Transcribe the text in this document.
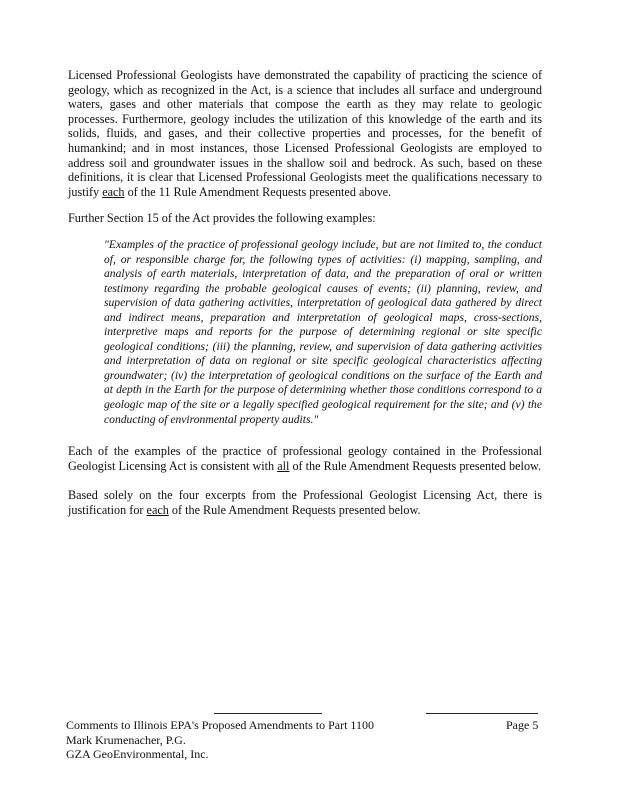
Licensed Professional Geologists have demonstrated the capability of practicing the science of geology, which as recognized in the Act, is a science that includes all surface and underground waters, gases and other materials that compose the earth as they may relate to geologic processes. Furthermore, geology includes the utilization of this knowledge of the earth and its solids, fluids, and gases, and their collective properties and processes, for the benefit of humankind; and in most instances, those Licensed Professional Geologists are employed to address soil and groundwater issues in the shallow soil and bedrock. As such, based on these definitions, it is clear that Licensed Professional Geologists meet the qualifications necessary to justify each of the 11 Rule Amendment Requests presented above.

Further Section 15 of the Act provides the following examples:

"Examples of the practice of professional geology include, but are not limited to, the conduct of, or responsible charge for, the following types of activities: (i) mapping, sampling, and analysis of earth materials, interpretation of data, and the preparation of oral or written testimony regarding the probable geological causes of events; (ii) planning, review, and supervision of data gathering activities, interpretation of geological data gathered by direct and indirect means, preparation and interpretation of geological maps, cross-sections, interpretive maps and reports for the purpose of determining regional or site specific geological conditions; (iii) the planning, review, and supervision of data gathering activities and interpretation of data on regional or site specific geological characteristics affecting groundwater; (iv) the interpretation of geological conditions on the surface of the Earth and at depth in the Earth for the purpose of determining whether those conditions correspond to a geologic map of the site or a legally specified geological requirement for the site; and (v) the conducting of environmental property audits."

Each of the examples of the practice of professional geology contained in the Professional Geologist Licensing Act is consistent with all of the Rule Amendment Requests presented below.

Based solely on the four excerpts from the Professional Geologist Licensing Act, there is justification for each of the Rule Amendment Requests presented below.

Comments to Illinois EPA's Proposed Amendments to Part 1100	Page 5
Mark Krumenacher, P.G.
GZA GeoEnvironmental, Inc.
